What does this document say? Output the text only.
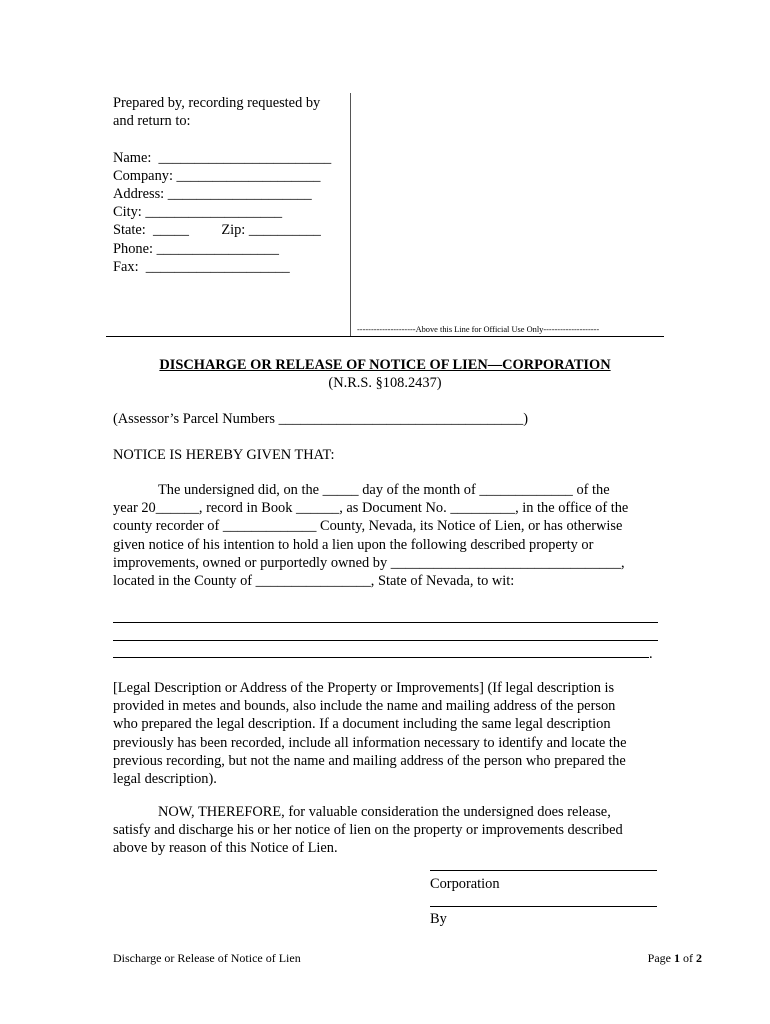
Prepared by, recording requested by
and return to:
Name:  ________________________
Company: ____________________
Address: ____________________
City: ___________________
State:  _____         Zip: __________
Phone: _________________
Fax:  ____________________
---------------------Above this Line for Official Use Only--------------------
DISCHARGE OR RELEASE OF NOTICE OF LIEN—CORPORATION
(N.R.S. §108.2437)
(Assessor’s Parcel Numbers __________________________________)
NOTICE IS HEREBY GIVEN THAT:
The undersigned did, on the _____ day of the month of _____________ of the
year 20______, record in Book ______, as Document No. _________, in the office of the
county recorder of _____________ County, Nevada, its Notice of Lien, or has otherwise
given notice of his intention to hold a lien upon the following described property or
improvements, owned or purportedly owned by ________________________________,
located in the County of ________________, State of Nevada, to wit:
.
[Legal Description or Address of the Property or Improvements] (If legal description is
provided in metes and bounds, also include the name and mailing address of the person
who prepared the legal description. If a document including the same legal description
previously has been recorded, include all information necessary to identify and locate the
previous recording, but not the name and mailing address of the person who prepared the
legal description).
NOW, THEREFORE, for valuable consideration the undersigned does release,
satisfy and discharge his or her notice of lien on the property or improvements described
above by reason of this Notice of Lien.
Corporation
By
Discharge or Release of Notice of Lien	Page 1 of 2
